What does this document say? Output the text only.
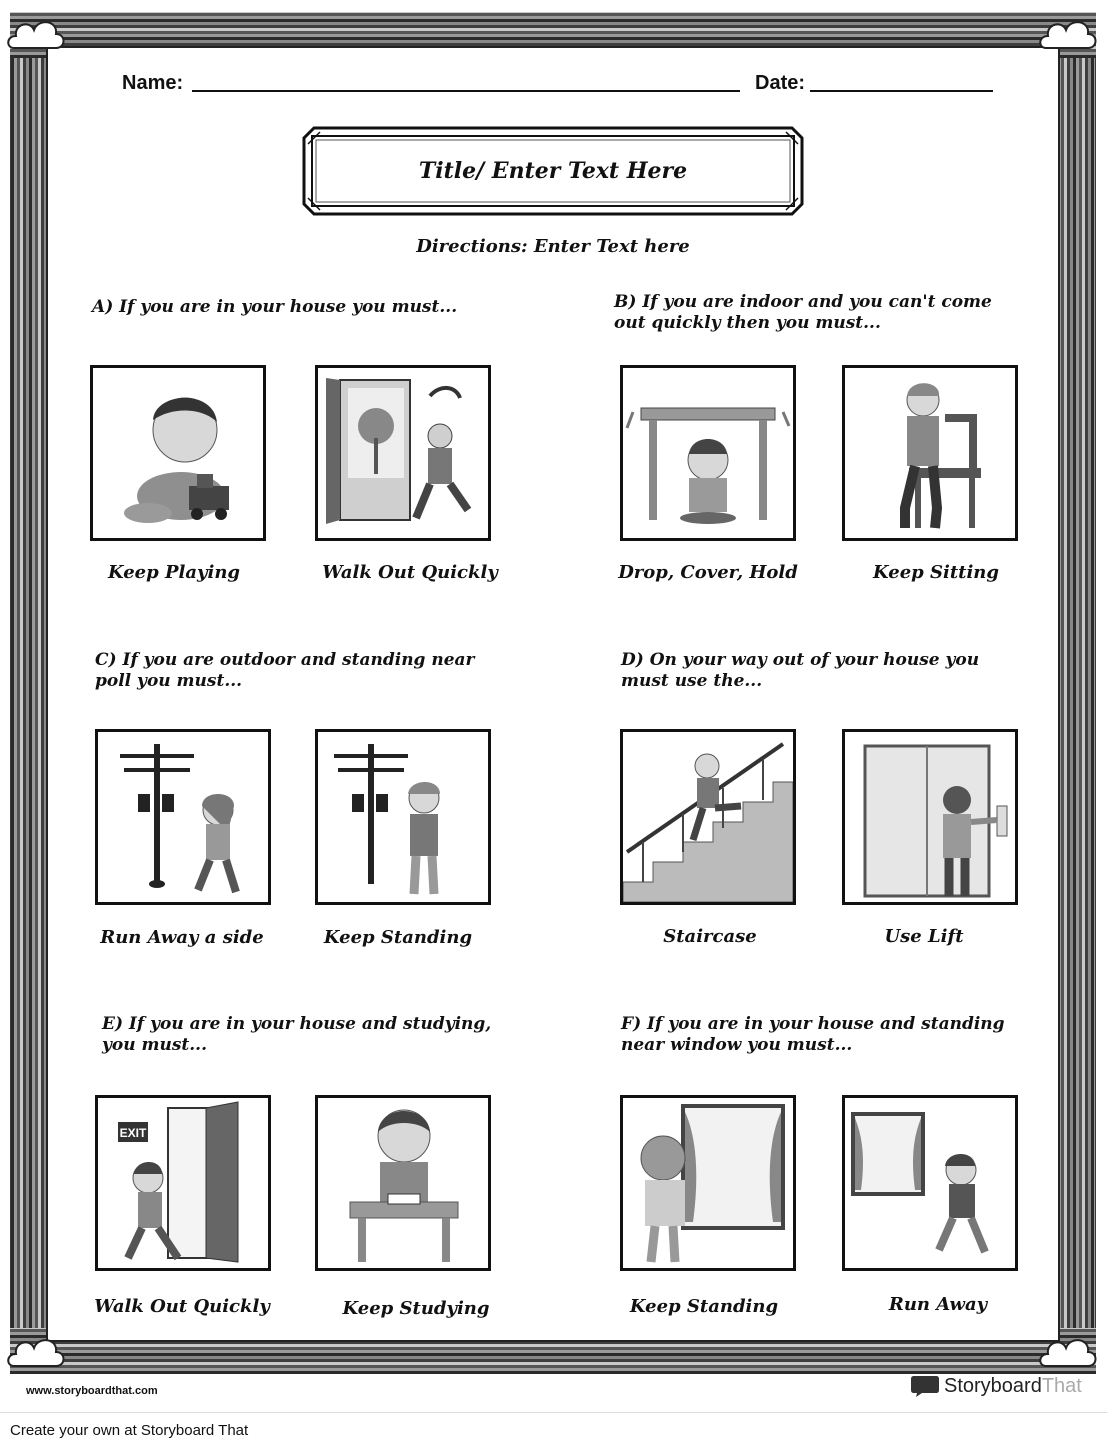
Name:	Date:
Title/ Enter Text Here
Directions: Enter Text here
A) If you are in your house you must...
Keep Playing	Walk Out Quickly
B) If you are indoor and you can't come out quickly then you must...
Drop, Cover, Hold	Keep Sitting
C) If you are outdoor and standing near poll you must...
Run Away a side	Keep Standing
D) On your way out of your house you must use the...
Staircase	Use Lift
E) If you are in your house and studying, you must...
EXIT
Walk Out Quickly	Keep Studying
F) If you are in your house and standing near window you must...
Keep Standing	Run Away
www.storyboardthat.com	Storyboard That
Create your own at Storyboard That
